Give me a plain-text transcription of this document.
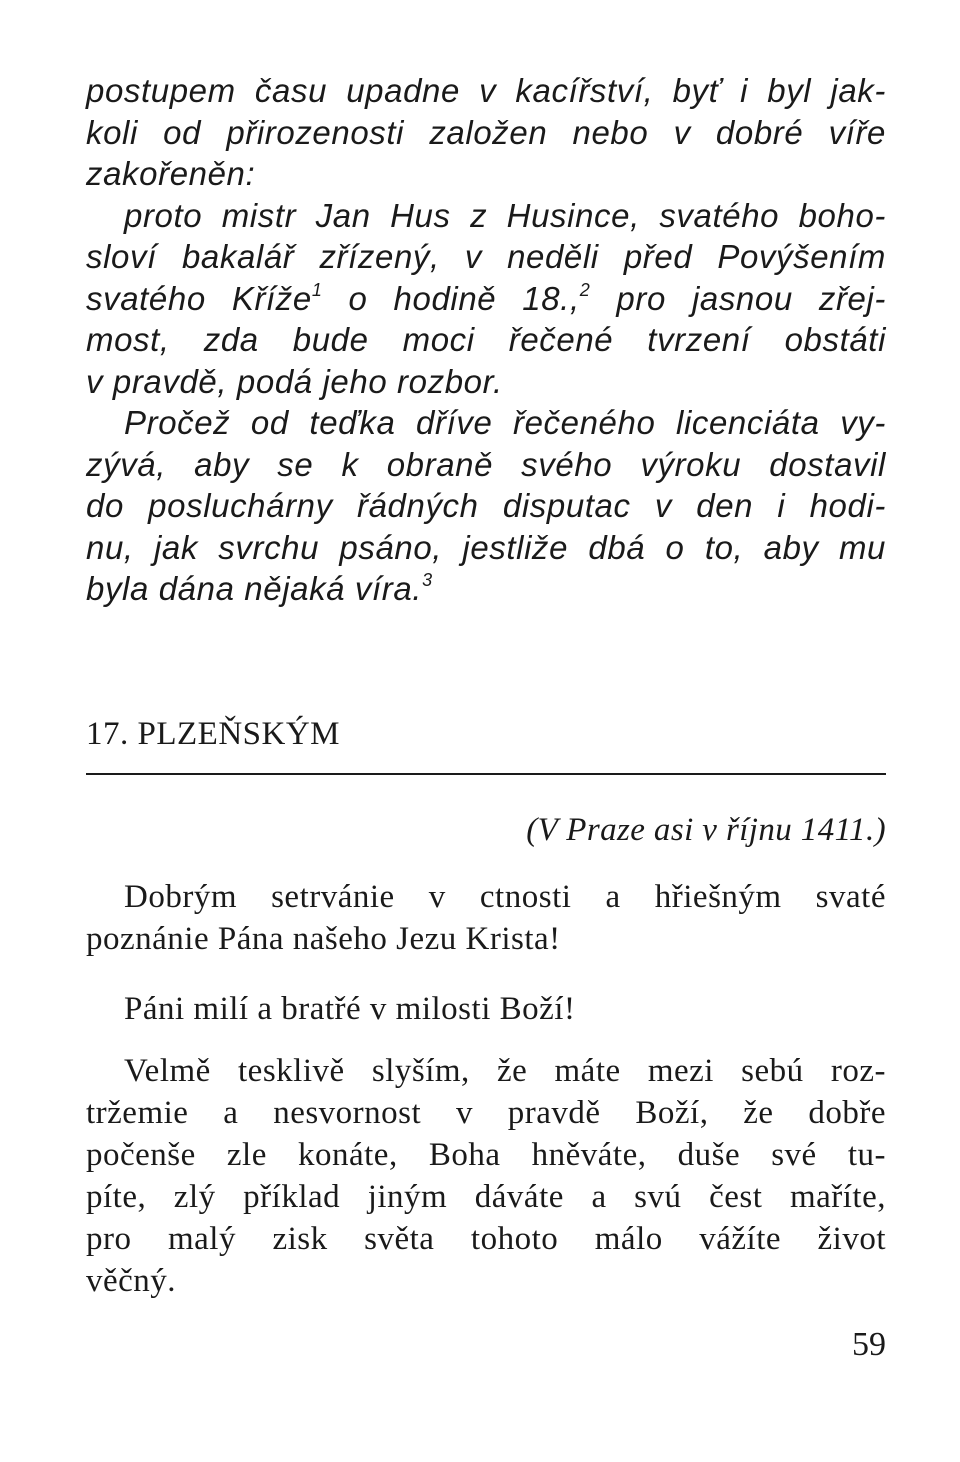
postupem času upadne v kacířství, byť i byl jak-
koli od přirozenosti založen nebo v dobré víře
zakořeněn:

proto mistr Jan Hus z Husince, svatého boho-
sloví bakalář zřízený, v neděli před Povýšením
svatého Kříže$^1$ o hodině 18.,$^2$ pro jasnou zřej-
most, zda bude moci řečené tvrzení obstáti
v pravdě, podá jeho rozbor.

Pročež od teďka dříve řečeného licenciáta vy-
zývá, aby se k obraně svého výroku dostavil
do posluchárny řádných disputac v den i hodi-
nu, jak svrchu psáno, jestliže dbá o to, aby mu
byla dána nějaká víra.$^3$

17. PLZEŇSKÝM

(V Praze asi v říjnu 1411.)

Dobrým setrvánie v ctnosti a hřiešným svaté
poznánie Pána našeho Jezu Krista!

Páni milí a bratřé v milosti Boží!

Velmě tesklivě slyším, že máte mezi sebú roz-
tržemie a nesvornost v pravdě Boží, že dobře
počenše zle konáte, Boha hněváte, duše své tu-
píte, zlý příklad jiným dáváte a svú čest maříte,
pro malý zisk světa tohoto málo vážíte život
věčný.

59
